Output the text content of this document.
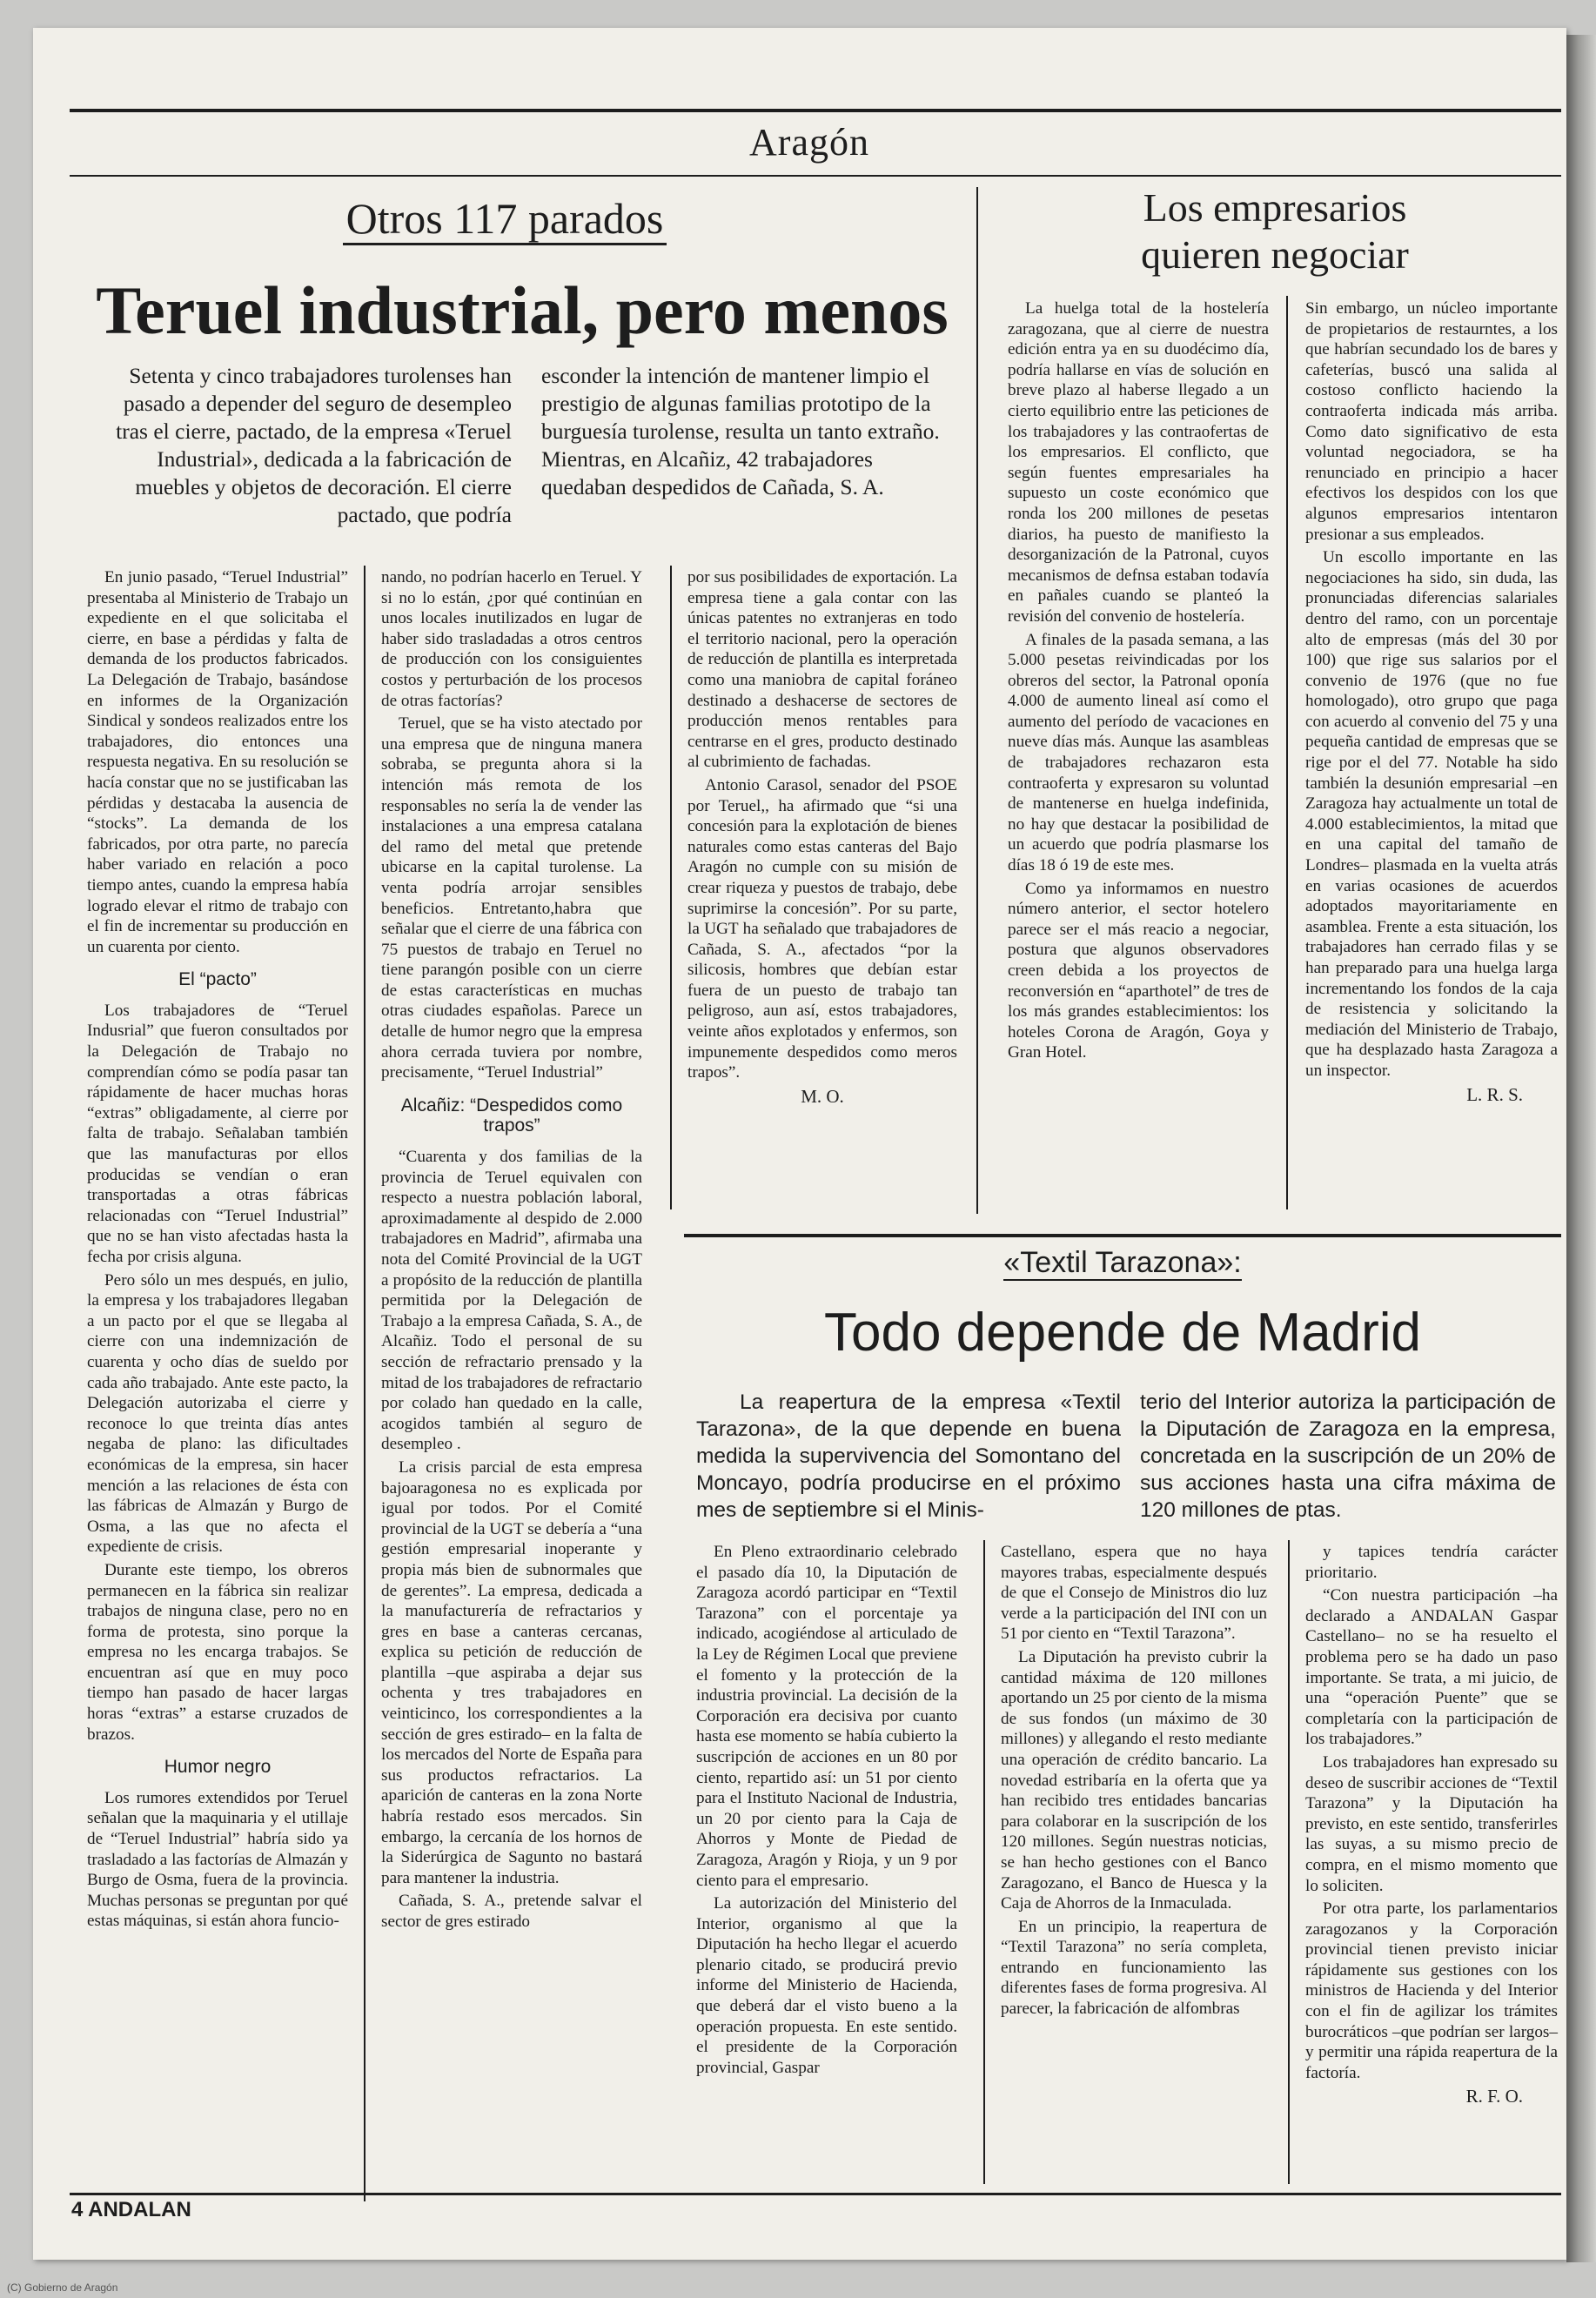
Aragón
Otros 117 parados
Teruel industrial, pero menos

Setenta y cinco trabajadores turolenses han pasado a depender del seguro de desempleo tras el cierre, pactado, de la empresa «Teruel Industrial», dedicada a la fabricación de muebles y objetos de decoración. El cierre pactado, que podría

esconder la intención de mantener limpio el prestigio de algunas familias prototipo de la burguesía turolense, resulta un tanto extraño. Mientras, en Alcañiz, 42 trabajadores quedaban despedidos de Cañada, S. A.

En junio pasado, “Teruel Industrial” presentaba al Ministerio de Trabajo un expediente en el que solicitaba el cierre, en base a pérdidas y falta de demanda de los productos fabricados. La Delegación de Trabajo, basándose en informes de la Organización Sindical y sondeos realizados entre los trabajadores, dio entonces una respuesta negativa. En su resolución se hacía constar que no se justificaban las pérdidas y destacaba la ausencia de “stocks”. La demanda de los fabricados, por otra parte, no parecía haber variado en relación a poco tiempo antes, cuando la empresa había logrado elevar el ritmo de trabajo con el fin de incrementar su producción en un cuarenta por ciento.

El “pacto”

Los trabajadores de “Teruel Indusrial” que fueron consultados por la Delegación de Trabajo no comprendían cómo se podía pasar tan rápidamente de hacer muchas horas “extras” obligadamente, al cierre por falta de trabajo. Señalaban también que las manufacturas por ellos producidas se vendían o eran transportadas a otras fábricas relacionadas con “Teruel Industrial” que no se han visto afectadas hasta la fecha por crisis alguna.

Pero sólo un mes después, en julio, la empresa y los trabajadores llegaban a un pacto por el que se llegaba al cierre con una indemnización de cuarenta y ocho días de sueldo por cada año trabajado. Ante este pacto, la Delegación autorizaba el cierre y reconoce lo que treinta días antes negaba de plano: las dificultades económicas de la empresa, sin hacer mención a las relaciones de ésta con las fábricas de Almazán y Burgo de Osma, a las que no afecta el expediente de crisis.

Durante este tiempo, los obreros permanecen en la fábrica sin realizar trabajos de ninguna clase, pero no en forma de protesta, sino porque la empresa no les encarga trabajos. Se encuentran así que en muy poco tiempo han pasado de hacer largas horas “extras” a estarse cruzados de brazos.

Humor negro

Los rumores extendidos por Teruel señalan que la maquinaria y el utillaje de “Teruel Industrial” habría sido ya trasladado a las factorías de Almazán y Burgo de Osma, fuera de la provincia. Muchas personas se preguntan por qué estas máquinas, si están ahora funcio-

nando, no podrían hacerlo en Teruel. Y si no lo están, ¿por qué continúan en unos locales inutilizados en lugar de haber sido trasladadas a otros centros de producción con los consiguientes costos y perturbación de los procesos de otras factorías?

Teruel, que se ha visto atectado por una empresa que de ninguna manera sobraba, se pregunta ahora si la intención más remota de los responsables no sería la de vender las instalaciones a una empresa catalana del ramo del metal que pretende ubicarse en la capital turolense. La venta podría arrojar sensibles beneficios. Entretanto,habra que señalar que el cierre de una fábrica con 75 puestos de trabajo en Teruel no tiene parangón posible con un cierre de estas características en muchas otras ciudades españolas. Parece un detalle de humor negro que la empresa ahora cerrada tuviera por nombre, precisamente, “Teruel Industrial”

Alcañiz: “Despedidos como trapos”

“Cuarenta y dos familias de la provincia de Teruel equivalen con respecto a nuestra población laboral, aproximadamente al despido de 2.000 trabajadores en Madrid”, afirmaba una nota del Comité Provincial de la UGT a propósito de la reducción de plantilla permitida por la Delegación de Trabajo a la empresa Cañada, S. A., de Alcañiz. Todo el personal de su sección de refractario prensado y la mitad de los trabajadores de refractario por colado han quedado en la calle, acogidos también al seguro de desempleo .

La crisis parcial de esta empresa bajoaragonesa no es explicada por igual por todos. Por el Comité provincial de la UGT se debería a “una gestión empresarial inoperante y propia más bien de subnormales que de gerentes”. La empresa, dedicada a la manufacturería de refractarios y gres en base a canteras cercanas, explica su petición de reducción de plantilla –que aspiraba a dejar sus ochenta y tres trabajadores en veinticinco, los correspondientes a la sección de gres estirado– en la falta de los mercados del Norte de España para sus productos refractarios. La aparición de canteras en la zona Norte habría restado esos mercados. Sin embargo, la cercanía de los hornos de la Siderúrgica de Sagunto no bastará para mantener la industria.

Cañada, S. A., pretende salvar el sector de gres estirado

por sus posibilidades de exportación. La empresa tiene a gala contar con las únicas patentes no extranjeras en todo el territorio nacional, pero la operación de reducción de plantilla es interpretada como una maniobra de capital foráneo destinado a deshacerse de sectores de producción menos rentables para centrarse en el gres, producto destinado al cubrimiento de fachadas.

Antonio Carasol, senador del PSOE por Teruel,, ha afirmado que “si una concesión para la explotación de bienes naturales como estas canteras del Bajo Aragón no cumple con su misión de crear riqueza y puestos de trabajo, debe suprimirse la concesión”. Por su parte, la UGT ha señalado que trabajadores de Cañada, S. A., afectados “por la silicosis, hombres que debían estar fuera de un puesto de trabajo tan peligroso, aun así, estos trabajadores, veinte años explotados y enfermos, son impunemente despedidos como meros trapos”.

M. O.
Los empresarios
quieren negociar

La huelga total de la hostelería zaragozana, que al cierre de nuestra edición entra ya en su duodécimo día, podría hallarse en vías de solución en breve plazo al haberse llegado a un cierto equilibrio entre las peticiones de los trabajadores y las contraofertas de los empresarios. El conflicto, que según fuentes empresariales ha supuesto un coste económico que ronda los 200 millones de pesetas diarios, ha puesto de manifiesto la desorganización de la Patronal, cuyos mecanismos de defnsa estaban todavía en pañales cuando se planteó la revisión del convenio de hostelería.

A finales de la pasada semana, a las 5.000 pesetas reivindicadas por los obreros del sector, la Patronal oponía 4.000 de aumento lineal así como el aumento del período de vacaciones en nueve días más. Aunque las asambleas de trabajadores rechazaron esta contraoferta y expresaron su voluntad de mantenerse en huelga indefinida, no hay que destacar la posibilidad de un acuerdo que podría plasmarse los días 18 ó 19 de este mes.

Como ya informamos en nuestro número anterior, el sector hotelero parece ser el más reacio a negociar, postura que algunos observadores creen debida a los proyectos de reconversión en “aparthotel” de tres de los más grandes establecimientos: los hoteles Corona de Aragón, Goya y Gran Hotel.

Sin embargo, un núcleo importante de propietarios de restaurntes, a los que habrían secundado los de bares y cafeterías, buscó una salida al costoso conflicto haciendo la contraoferta indicada más arriba. Como dato significativo de esta voluntad negociadora, se ha renunciado en principio a hacer efectivos los despidos con los que algunos empresarios intentaron presionar a sus empleados.

Un escollo importante en las negociaciones ha sido, sin duda, las pronunciadas diferencias salariales dentro del ramo, con un porcentaje alto de empresas (más del 30 por 100) que rige sus salarios por el convenio de 1976 (que no fue homologado), otro grupo que paga con acuerdo al convenio del 75 y una pequeña cantidad de empresas que se rige por el del 77. Notable ha sido también la desunión empresarial –en Zaragoza hay actualmente un total de 4.000 establecimientos, la mitad que en una capital del tamaño de Londres– plasmada en la vuelta atrás en varias ocasiones de acuerdos adoptados mayoritariamente en asamblea. Frente a esta situación, los trabajadores han cerrado filas y se han preparado para una huelga larga incrementando los fondos de la caja de resistencia y solicitando la mediación del Ministerio de Trabajo, que ha desplazado hasta Zaragoza a un inspector.

L. R. S.
«Textil Tarazona»:
Todo depende de Madrid

La reapertura de la empresa «Textil Tarazona», de la que depende en buena medida la supervivencia del Somontano del Moncayo, podría producirse en el próximo mes de septiembre si el Minis-

terio del Interior autoriza la participación de la Diputación de Zaragoza en la empresa, concretada en la suscripción de un 20% de sus acciones hasta una cifra máxima de 120 millones de ptas.

En Pleno extraordinario celebrado el pasado día 10, la Diputación de Zaragoza acordó participar en “Textil Tarazona” con el porcentaje ya indicado, acogiéndose al articulado de la Ley de Régimen Local que previene el fomento y la protección de la industria provincial. La decisión de la Corporación era decisiva por cuanto hasta ese momento se había cubierto la suscripción de acciones en un 80 por ciento, repartido así: un 51 por ciento para el Instituto Nacional de Industria, un 20 por ciento para la Caja de Ahorros y Monte de Piedad de Zaragoza, Aragón y Rioja, y un 9 por ciento para el empresario.

La autorización del Ministerio del Interior, organismo al que la Diputación ha hecho llegar el acuerdo plenario citado, se producirá previo informe del Ministerio de Hacienda, que deberá dar el visto bueno a la operación propuesta. En este sentido. el presidente de la Corporación provincial, Gaspar

Castellano, espera que no haya mayores trabas, especialmente después de que el Consejo de Ministros dio luz verde a la participación del INI con un 51 por ciento en “Textil Tarazona”.

La Diputación ha previsto cubrir la cantidad máxima de 120 millones aportando un 25 por ciento de la misma de sus fondos (un máximo de 30 millones) y allegando el resto mediante una operación de crédito bancario. La novedad estribaría en la oferta que ya han recibido tres entidades bancarias para colaborar en la suscripción de los 120 millones. Según nuestras noticias, se han hecho gestiones con el Banco Zaragozano, el Banco de Huesca y la Caja de Ahorros de la Inmaculada.

En un principio, la reapertura de “Textil Tarazona” no sería completa, entrando en funcionamiento las diferentes fases de forma progresiva. Al parecer, la fabricación de alfombras

y tapices tendría carácter prioritario.

“Con nuestra participación –ha declarado a ANDALAN Gaspar Castellano– no se ha resuelto el problema pero se ha dado un paso importante. Se trata, a mi juicio, de una “operación Puente” que se completaría con la participación de los trabajadores.”

Los trabajadores han expresado su deseo de suscribir acciones de “Textil Tarazona” y la Diputación ha previsto, en este sentido, transferirles las suyas, a su mismo precio de compra, en el mismo momento que lo soliciten.

Por otra parte, los parlamentarios zaragozanos y la Corporación provincial tienen previsto iniciar rápidamente sus gestiones con los ministros de Hacienda y del Interior con el fin de agilizar los trámites burocráticos –que podrían ser largos– y permitir una rápida reapertura de la factoría.

R. F. O.
4 ANDALAN
(C) Gobierno de Aragón
